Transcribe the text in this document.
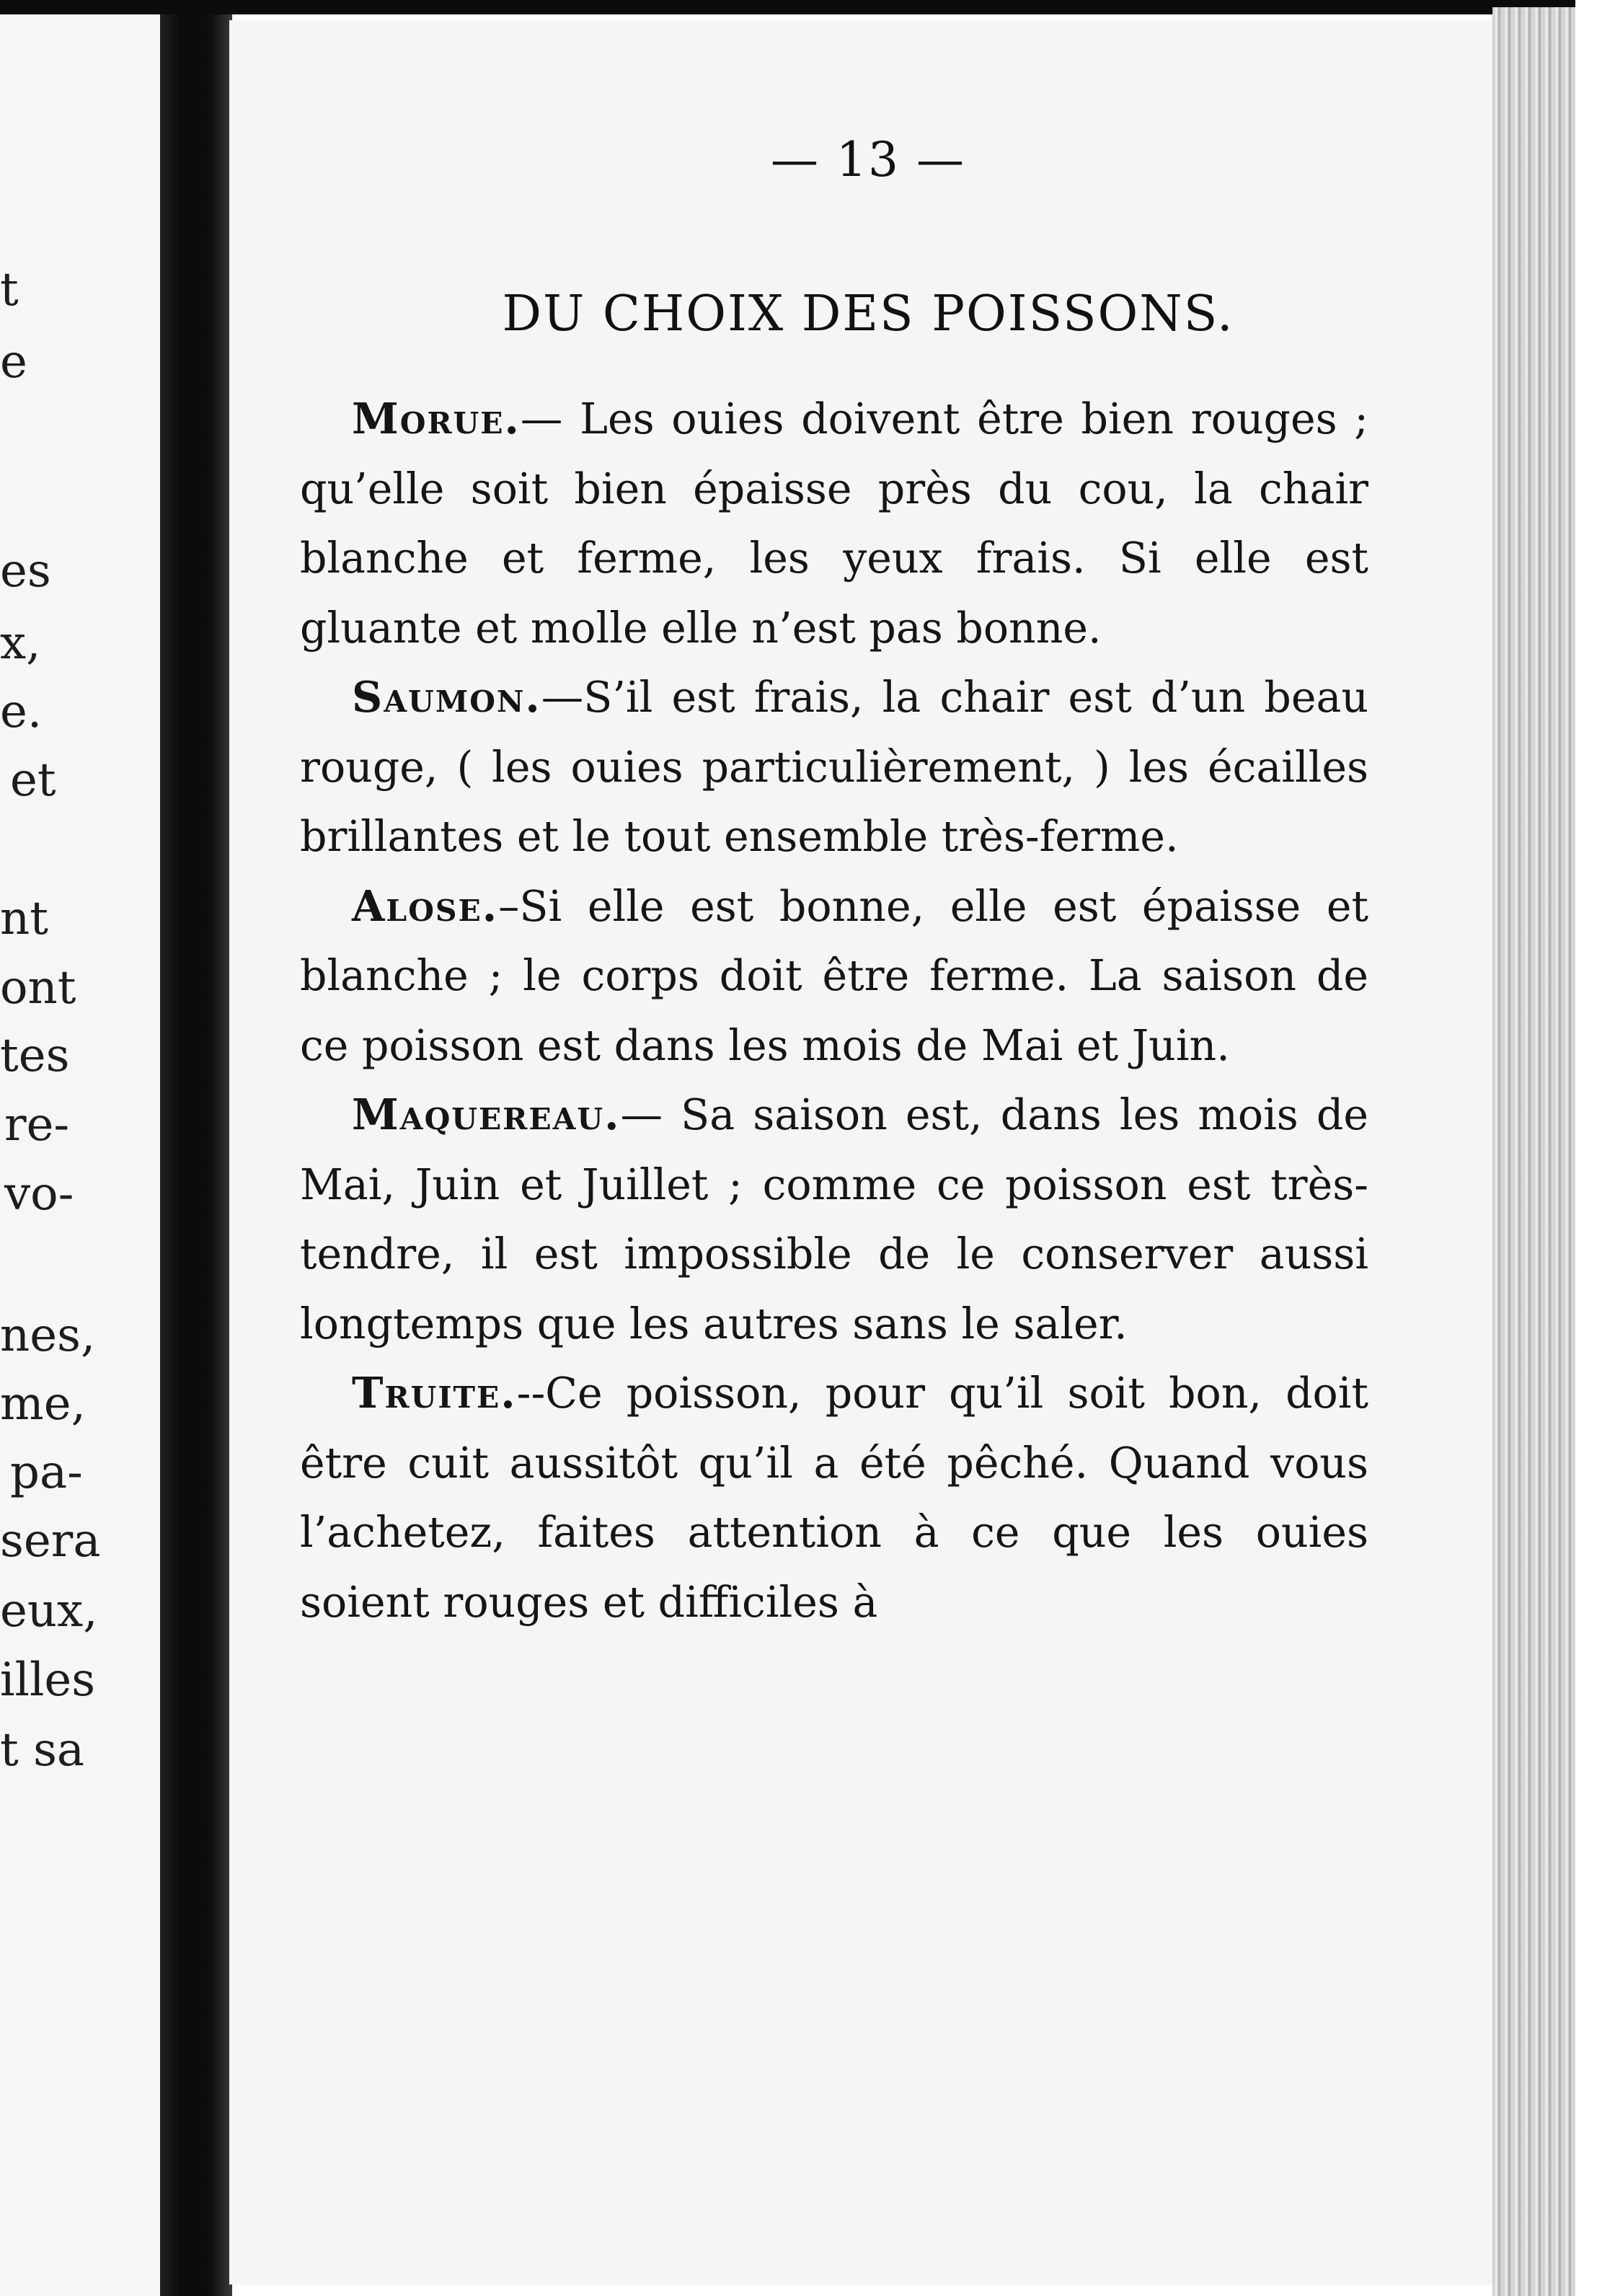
t
e
es
x,
e.
et
nt
ont
tes
re-
vo-
nes,
me,
pa-
sera
eux,
illes
t sa
— 13 —
DU CHOIX DES POISSONS.

Morue.— Les ouies doivent être bien rouges ; qu’elle soit bien épaisse près du cou, la chair blanche et ferme, les yeux frais. Si elle est gluante et molle elle n’est pas bonne.

Saumon.—S’il est frais, la chair est d’un beau rouge, ( les ouies particulièrement, ) les écailles brillantes et le tout ensemble très-ferme.

Alose.–Si elle est bonne, elle est épaisse et blanche ; le corps doit être ferme. La saison de ce poisson est dans les mois de Mai et Juin.

Maquereau.— Sa saison est, dans les mois de Mai, Juin et Juillet ; comme ce poisson est très-tendre, il est impossible de le conserver aussi longtemps que les autres sans le saler.

Truite.--Ce poisson, pour qu’il soit bon, doit être cuit aussitôt qu’il a été pêché. Quand vous l’achetez, faites attention à ce que les ouies soient rouges et difficiles à
